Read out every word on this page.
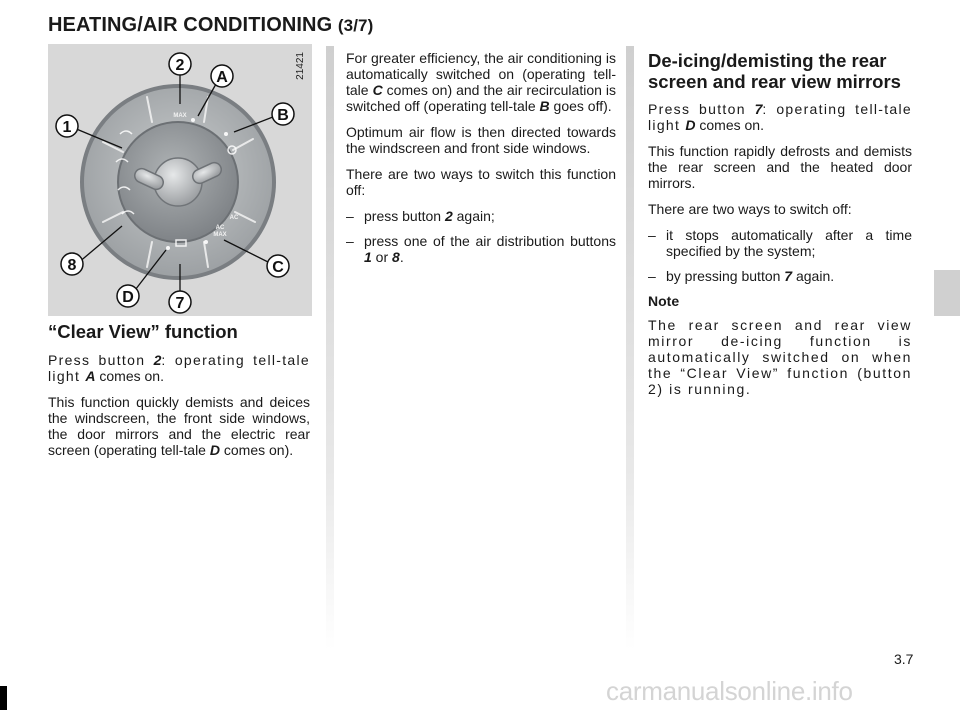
HEATING/AIR CONDITIONING (3/7)
MAX
AC
AC
MAX
2
A
1
B
8	C
D	7
21421
“Clear View” function

Press button 2: operating tell-tale light A comes on.

This function quickly demists and deices the windscreen, the front side windows, the door mirrors and the electric rear screen (operating tell-tale D comes on).

For greater efficiency, the air conditioning is automatically switched on (operating tell-tale C comes on) and the air recirculation is switched off (operating tell-tale B goes off).

Optimum air flow is then directed towards the windscreen and front side windows.

There are two ways to switch this function off:

– press button 2 again;
– press one of the air distribution buttons 1 or 8.
De-icing/demisting the rear screen and rear view mirrors

Press button 7: operating tell-tale light D comes on.

This function rapidly defrosts and demists the rear screen and the heated door mirrors.

There are two ways to switch off:

– it stops automatically after a time specified by the system;
– by pressing button 7 again.

Note

The rear screen and rear view mirror de-icing function is automatically switched on when the “Clear View” function (button 2) is running.

3.7
carmanualsonline.info
